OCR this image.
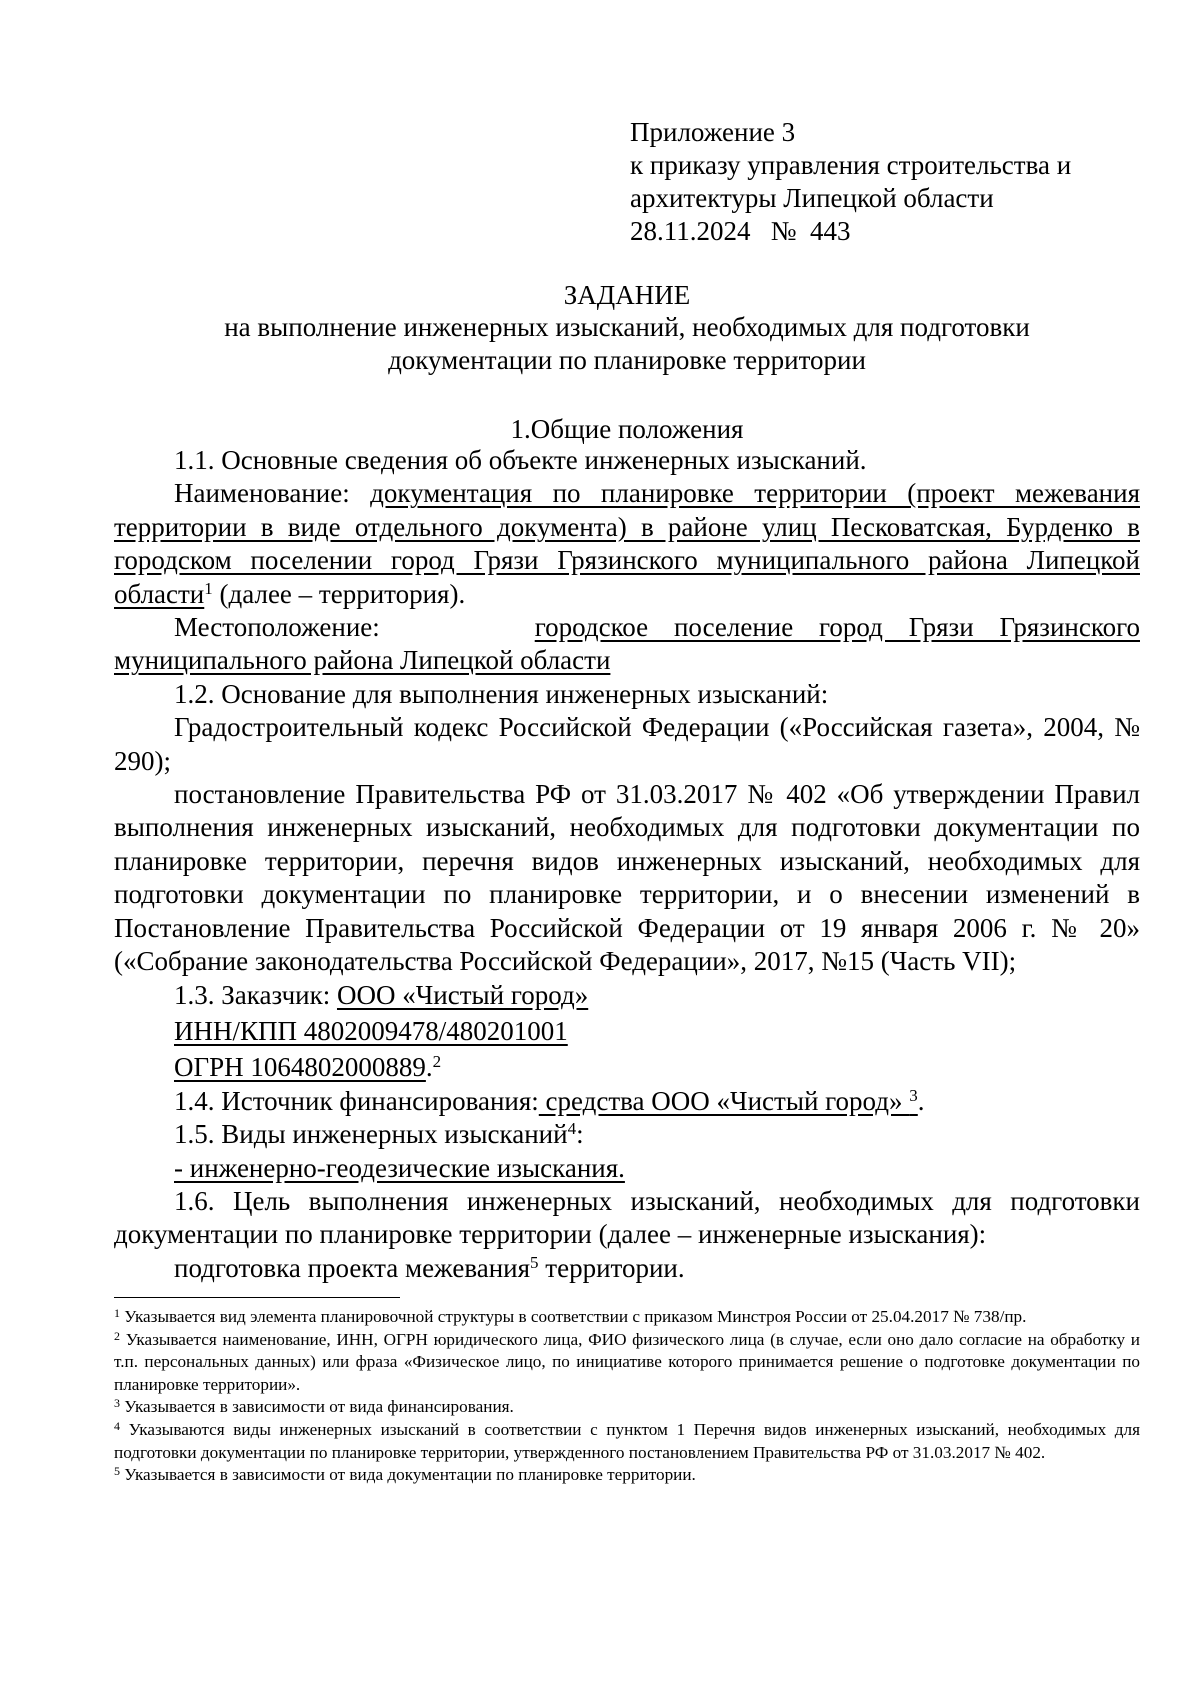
Приложение 3
к приказу управления строительства и
архитектуры Липецкой области
28.11.2024 № 443
ЗАДАНИЕ
на выполнение инженерных изысканий, необходимых для подготовки
документации по планировке территории
1.Общие положения

1.1. Основные сведения об объекте инженерных изысканий.

Наименование: документация по планировке территории (проект межевания территории в виде отдельного документа) в районе улиц Песковатская, Бурденко в городском поселении город Грязи Грязинского муниципального района Липецкой области$^1$ (далее – территория).

Местоположение:	городское поселение город Грязи Грязинского

муниципального района Липецкой области

1.2. Основание для выполнения инженерных изысканий:

Градостроительный кодекс Российской Федерации («Российская газета», 2004, № 290);

постановление Правительства РФ от 31.03.2017 № 402 «Об утверждении Правил выполнения инженерных изысканий, необходимых для подготовки документации по планировке территории, перечня видов инженерных изысканий, необходимых для подготовки документации по планировке территории, и о внесении изменений в Постановление Правительства Российской Федерации от 19 января 2006 г. № 20» («Собрание законодательства Российской Федерации», 2017, №15 (Часть VII);

1.3. Заказчик: ООО «Чистый город»

ИНН/КПП 4802009478/480201001

ОГРН 1064802000889.$^2$

1.4. Источник финансирования: средства ООО «Чистый город» $^3$.

1.5. Виды инженерных изысканий$^4$:

- инженерно-геодезические изыскания.

1.6. Цель выполнения инженерных изысканий, необходимых для подготовки документации по планировке территории (далее – инженерные изыскания):

подготовка проекта межевания$^5$ территории.

$^1$ Указывается вид элемента планировочной структуры в соответствии с приказом Минстроя России от 25.04.2017 № 738/пр.

$^2$ Указывается наименование, ИНН, ОГРН юридического лица, ФИО физического лица (в случае, если оно дало согласие на обработку и т.п. персональных данных) или фраза «Физическое лицо, по инициативе которого принимается решение о подготовке документации по планировке территории».

$^3$ Указывается в зависимости от вида финансирования.

$^4$ Указываются виды инженерных изысканий в соответствии с пунктом 1 Перечня видов инженерных изысканий, необходимых для подготовки документации по планировке территории, утвержденного постановлением Правительства РФ от 31.03.2017 № 402.

$^5$ Указывается в зависимости от вида документации по планировке территории.
